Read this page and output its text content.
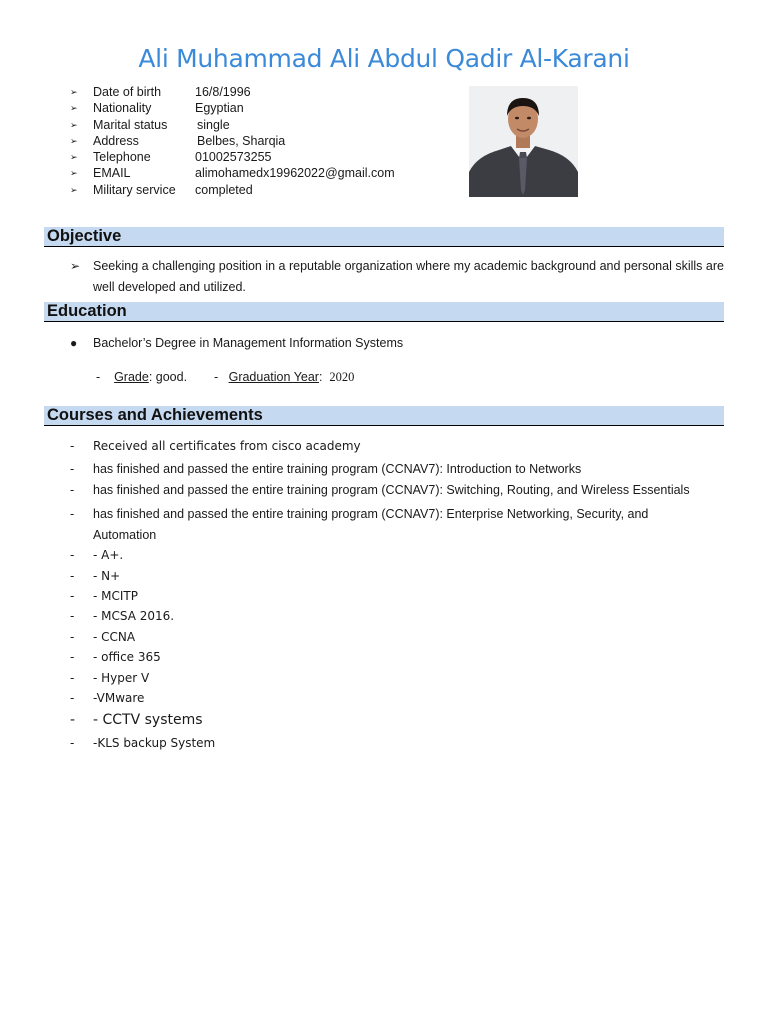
Ali Muhammad Ali Abdul Qadir Al-Karani
➢ Date of birth	16/8/1996
➢ Nationality	Egyptian
➢ Marital status single
➢ Address	Belbes, Sharqia
➢ Telephone	01002573255
➢ EMAIL	alimohamedx19962022@gmail.com
➢ Military service completed
Objective
➢ Seeking a challenging position in a reputable organization where my academic background and personal skills are well developed and utilized.
Education
● Bachelor’s Degree in Management Information Systems
- Grade: good. - Graduation Year: 2020
Courses and Achievements
- Received all certificates from cisco academy
- has finished and passed the entire training program (CCNAV7): Introduction to Networks
- has finished and passed the entire training program (CCNAV7): Switching, Routing, and Wireless Essentials
- has finished and passed the entire training program (CCNAV7): Enterprise Networking, Security, and Automation
- - A+.
- - N+
- - MCITP
- - MCSA 2016.
- - CCNA
- - office 365
- - Hyper V
- -VMware
- - CCTV systems
- -KLS backup System
